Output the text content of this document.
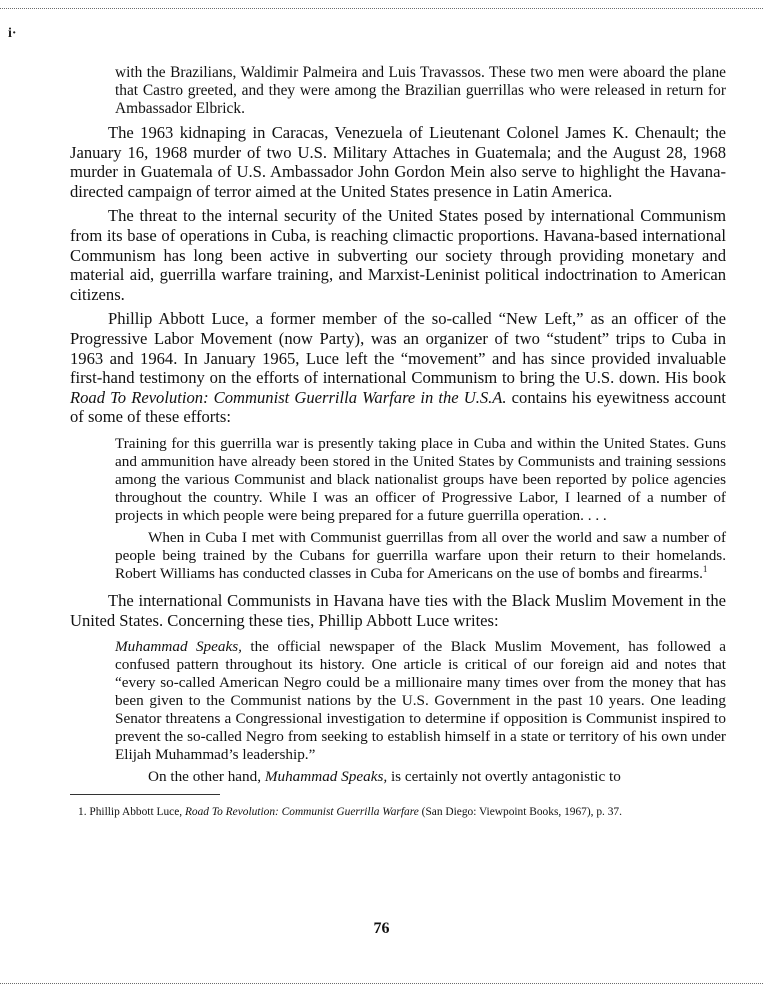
i·

with the Brazilians, Waldimir Palmeira and Luis Travassos. These two men were aboard the plane that Castro greeted, and they were among the Brazilian guerrillas who were released in return for Ambassador Elbrick.

The 1963 kidnaping in Caracas, Venezuela of Lieutenant Colonel James K. Chenault; the January 16, 1968 murder of two U.S. Military Attaches in Guatemala; and the August 28, 1968 murder in Guatemala of U.S. Ambassador John Gordon Mein also serve to highlight the Havana-directed campaign of terror aimed at the United States presence in Latin America.

The threat to the internal security of the United States posed by international Communism from its base of operations in Cuba, is reaching climactic proportions. Havana-based international Communism has long been active in subverting our society through providing monetary and material aid, guerrilla warfare training, and Marxist-Leninist political indoctrination to American citizens.

Phillip Abbott Luce, a former member of the so-called “New Left,” as an officer of the Progressive Labor Movement (now Party), was an organizer of two “student” trips to Cuba in 1963 and 1964. In January 1965, Luce left the “movement” and has since provided invaluable first-hand testimony on the efforts of international Communism to bring the U.S. down. His book Road To Revolution: Communist Guerrilla Warfare in the U.S.A. contains his eyewitness account of some of these efforts:

Training for this guerrilla war is presently taking place in Cuba and within the United States. Guns and ammunition have already been stored in the United States by Communists and training sessions among the various Communist and black nationalist groups have been reported by police agencies throughout the country. While I was an officer of Progressive Labor, I learned of a number of projects in which people were being prepared for a future guerrilla operation. . . .

When in Cuba I met with Communist guerrillas from all over the world and saw a number of people being trained by the Cubans for guerrilla warfare upon their return to their homelands. Robert Williams has conducted classes in Cuba for Americans on the use of bombs and firearms.$^1$

The international Communists in Havana have ties with the Black Muslim Movement in the United States. Concerning these ties, Phillip Abbott Luce writes:

Muhammad Speaks, the official newspaper of the Black Muslim Movement, has followed a confused pattern throughout its history. One article is critical of our foreign aid and notes that “every so-called American Negro could be a millionaire many times over from the money that has been given to the Communist nations by the U.S. Government in the past 10 years. One leading Senator threatens a Congressional investigation to determine if opposition is Communist inspired to prevent the so-called Negro from seeking to establish himself in a state or territory of his own under Elijah Muhammad’s leadership.”

On the other hand, Muhammad Speaks, is certainly not overtly antagonistic to

1. Phillip Abbott Luce, Road To Revolution: Communist Guerrilla Warfare (San Diego: Viewpoint Books, 1967), p. 37.

76
